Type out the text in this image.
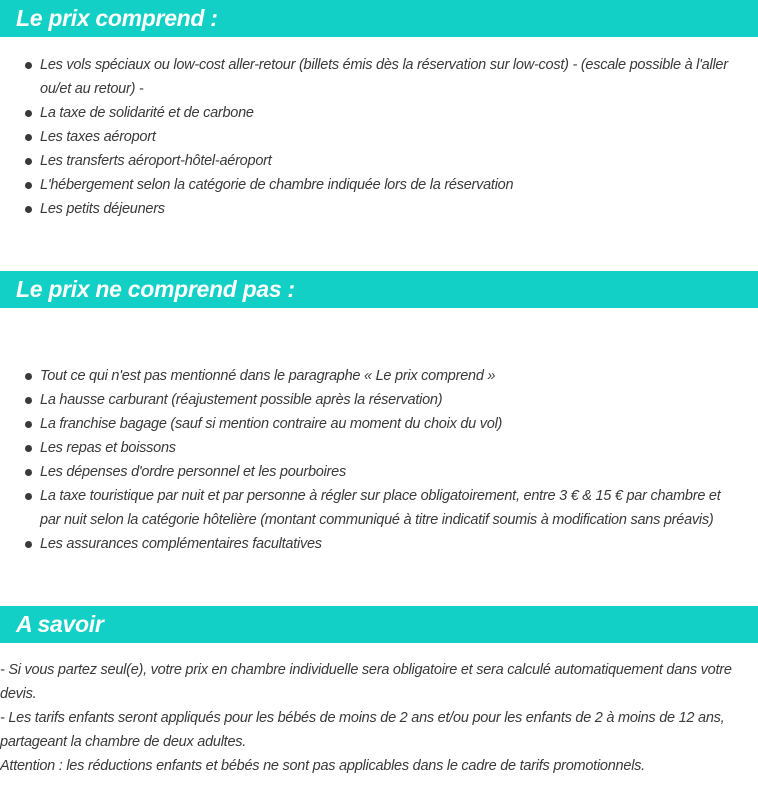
Le prix comprend :
Les vols spéciaux ou low-cost aller-retour (billets émis dès la réservation sur low-cost) - (escale possible à l'aller ou/et au retour) -
La taxe de solidarité et de carbone
Les taxes aéroport
Les transferts aéroport-hôtel-aéroport
L'hébergement selon la catégorie de chambre indiquée lors de la réservation
Les petits déjeuners
Le prix ne comprend pas :
Tout ce qui n'est pas mentionné dans le paragraphe « Le prix comprend »
La hausse carburant (réajustement possible après la réservation)
La franchise bagage (sauf si mention contraire au moment du choix du vol)
Les repas et boissons
Les dépenses d'ordre personnel et les pourboires
La taxe touristique par nuit et par personne à régler sur place obligatoirement, entre 3 € & 15 € par chambre et par nuit selon la catégorie hôtelière (montant communiqué à titre indicatif soumis à modification sans préavis)
Les assurances complémentaires facultatives
A savoir

- Si vous partez seul(e), votre prix en chambre individuelle sera obligatoire et sera calculé automatiquement dans votre devis.

- Les tarifs enfants seront appliqués pour les bébés de moins de 2 ans et/ou pour les enfants de 2 à moins de 12 ans, partageant la chambre de deux adultes.

Attention : les réductions enfants et bébés ne sont pas applicables dans le cadre de tarifs promotionnels.
